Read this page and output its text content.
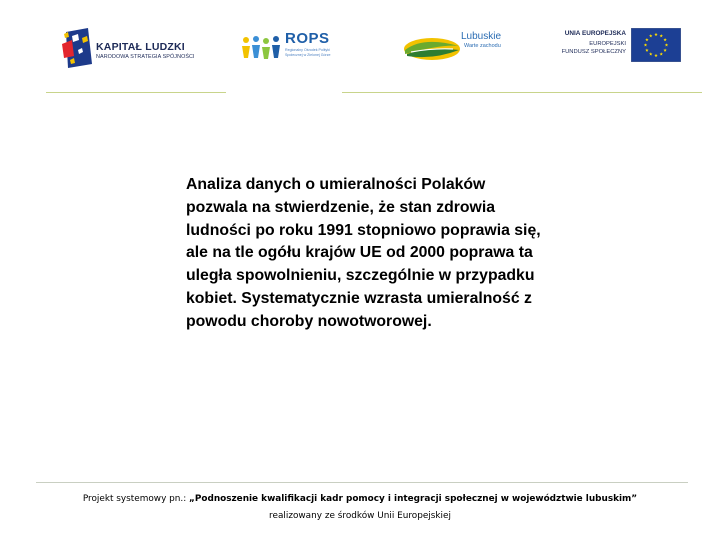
KAPITAŁ LUDZKI
NARODOWA STRATEGIA SPÓJNOŚCI
ROPS
Regionalny Ośrodek Polityki Społecznej w Zielonej Górze
Lubuskie
Warte zachodu
UNIA EUROPEJSKA
EUROPEJSKI
FUNDUSZ SPOŁECZNY

Analiza danych o umieralności Polaków pozwala na stwierdzenie, że stan zdrowia ludności po roku 1991 stopniowo poprawia się, ale na tle ogółu krajów UE od 2000 poprawa ta uległa spowolnieniu, szczególnie w przypadku kobiet. Systematycznie wzrasta umieralność z powodu choroby nowotworowej.

Projekt systemowy pn.: „Podnoszenie kwalifikacji kadr pomocy i integracji społecznej w województwie lubuskim”
realizowany ze środków Unii Europejskiej
